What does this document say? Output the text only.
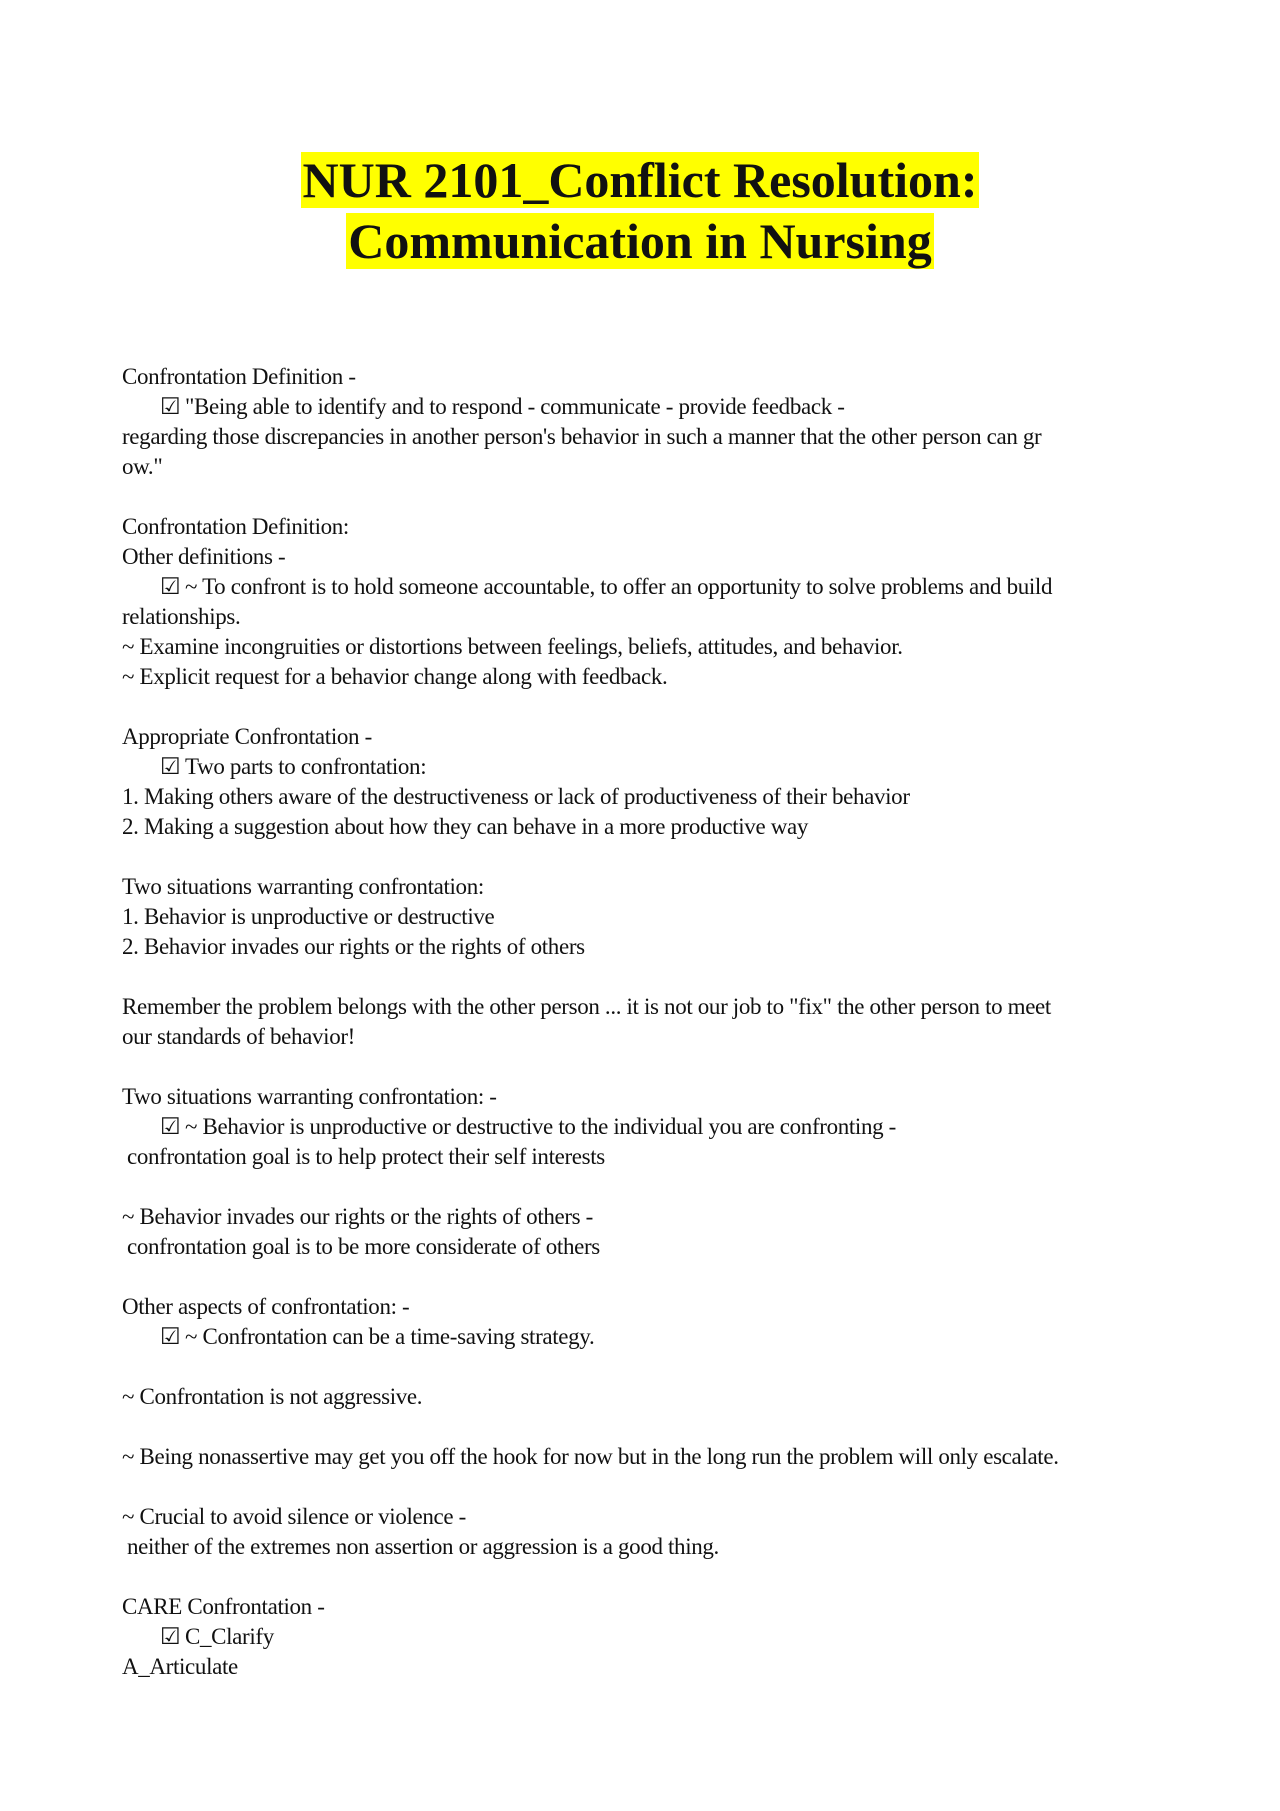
NUR 2101_Conflict Resolution:
Communication in Nursing

Confrontation Definition -

☑ "Being able to identify and to respond - communicate - provide feedback -

regarding those discrepancies in another person's behavior in such a manner that the other person can gr

ow."

Confrontation Definition:

Other definitions -

☑ ~ To confront is to hold someone accountable, to offer an opportunity to solve problems and build

relationships.

~ Examine incongruities or distortions between feelings, beliefs, attitudes, and behavior.

~ Explicit request for a behavior change along with feedback.

Appropriate Confrontation -

☑ Two parts to confrontation:

1. Making others aware of the destructiveness or lack of productiveness of their behavior

2. Making a suggestion about how they can behave in a more productive way

Two situations warranting confrontation:

1. Behavior is unproductive or destructive

2. Behavior invades our rights or the rights of others

Remember the problem belongs with the other person ... it is not our job to "fix" the other person to meet

our standards of behavior!

Two situations warranting confrontation: -

☑ ~ Behavior is unproductive or destructive to the individual you are confronting -

confrontation goal is to help protect their self interests

~ Behavior invades our rights or the rights of others -

confrontation goal is to be more considerate of others

Other aspects of confrontation: -

☑ ~ Confrontation can be a time-saving strategy.

~ Confrontation is not aggressive.

~ Being nonassertive may get you off the hook for now but in the long run the problem will only escalate.

~ Crucial to avoid silence or violence -

neither of the extremes non assertion or aggression is a good thing.

CARE Confrontation -

☑ C_Clarify

A_Articulate
